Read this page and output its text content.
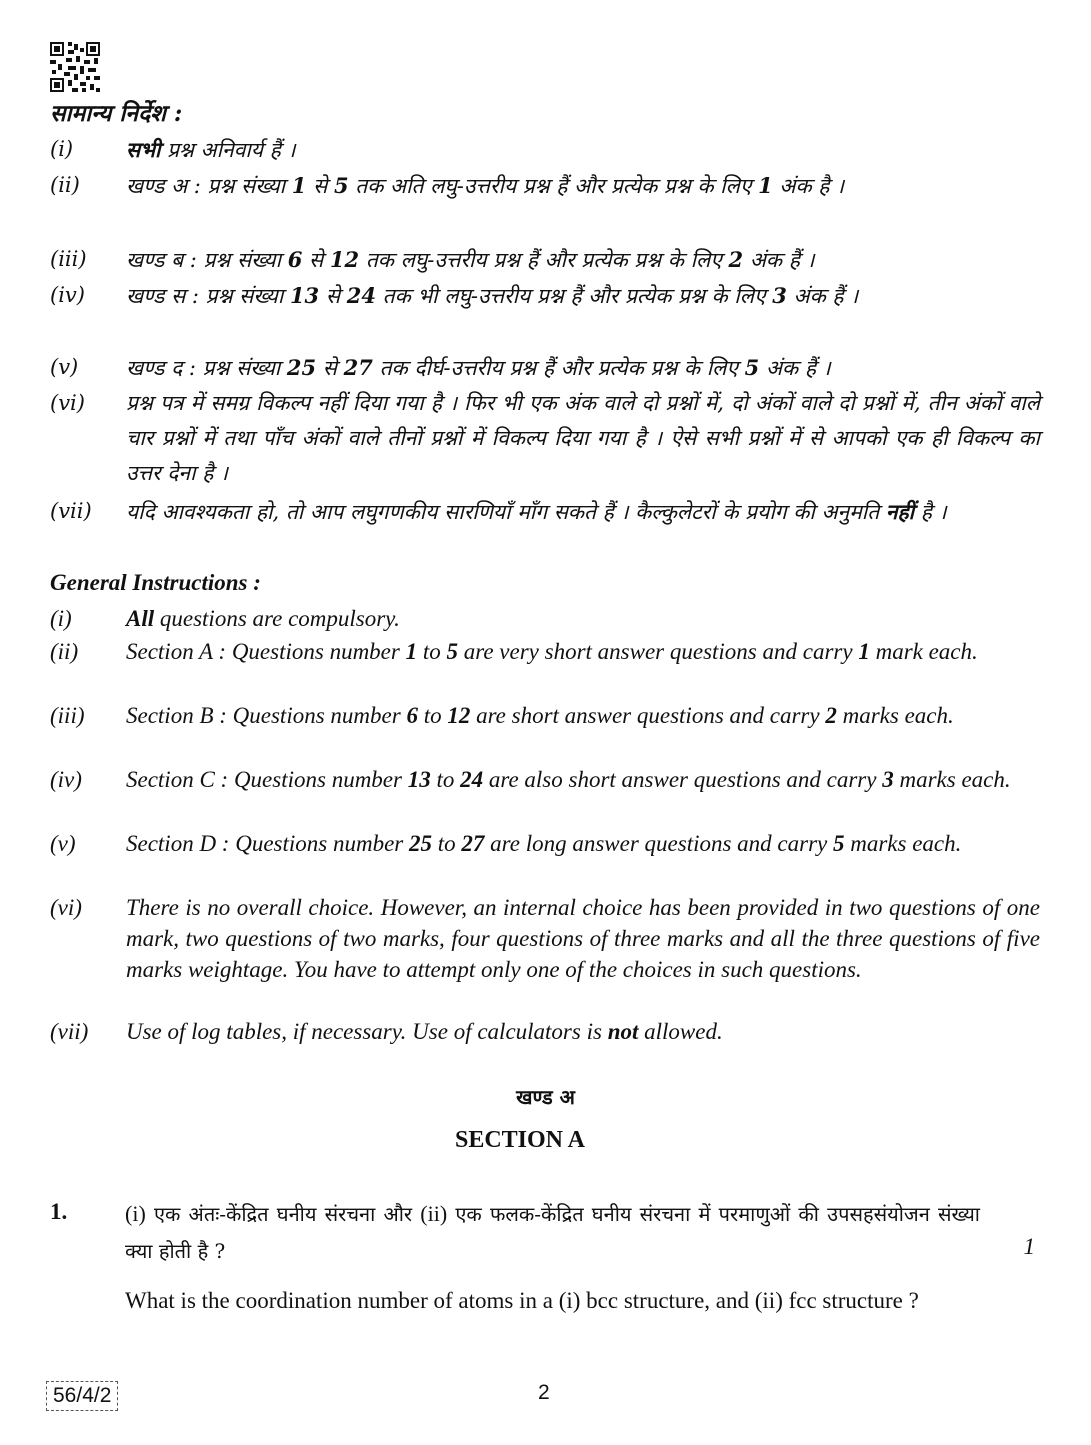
सामान्य निर्देश :
(i)	सभी प्रश्न अनिवार्य हैं ।
(ii)	खण्ड अ : प्रश्न संख्या 1 से 5 तक अति लघु-उत्तरीय प्रश्न हैं और प्रत्येक प्रश्न के लिए 1 अंक है ।
(iii)	खण्ड ब : प्रश्न संख्या 6 से 12 तक लघु-उत्तरीय प्रश्न हैं और प्रत्येक प्रश्न के लिए 2 अंक हैं ।
(iv)	खण्ड स : प्रश्न संख्या 13 से 24 तक भी लघु-उत्तरीय प्रश्न हैं और प्रत्येक प्रश्न के लिए 3 अंक हैं ।
(v)	खण्ड द : प्रश्न संख्या 25 से 27 तक दीर्घ-उत्तरीय प्रश्न हैं और प्रत्येक प्रश्न के लिए 5 अंक हैं ।
(vi)	प्रश्न पत्र में समग्र विकल्प नहीं दिया गया है । फिर भी एक अंक वाले दो प्रश्नों में, दो अंकों वाले दो प्रश्नों में, तीन अंकों वाले चार प्रश्नों में तथा पाँच अंकों वाले तीनों प्रश्नों में विकल्प दिया गया है । ऐसे सभी प्रश्नों में से आपको एक ही विकल्प का उत्तर देना है ।
(vii)	यदि आवश्यकता हो, तो आप लघुगणकीय सारणियाँ माँग सकते हैं । कैल्कुलेटरों के प्रयोग की अनुमति नहीं है ।
General Instructions :
(i)	All questions are compulsory.
(ii)	Section A : Questions number 1 to 5 are very short answer questions and carry 1 mark each.
(iii)	Section B : Questions number 6 to 12 are short answer questions and carry 2 marks each.
(iv)	Section C : Questions number 13 to 24 are also short answer questions and carry 3 marks each.
(v)	Section D : Questions number 25 to 27 are long answer questions and carry 5 marks each.
(vi)	There is no overall choice. However, an internal choice has been provided in two questions of one mark, two questions of two marks, four questions of three marks and all the three questions of five marks weightage. You have to attempt only one of the choices in such questions.
(vii)	Use of log tables, if necessary. Use of calculators is not allowed.
खण्ड अ
SECTION A
1.	(i) एक अंतः-केंद्रित घनीय संरचना और (ii) एक फलक-केंद्रित घनीय संरचना में परमाणुओं की उपसहसंयोजन संख्या क्या होती है ?	1
What is the coordination number of atoms in a (i) bcc structure, and (ii) fcc structure ?
56/4/2	2
